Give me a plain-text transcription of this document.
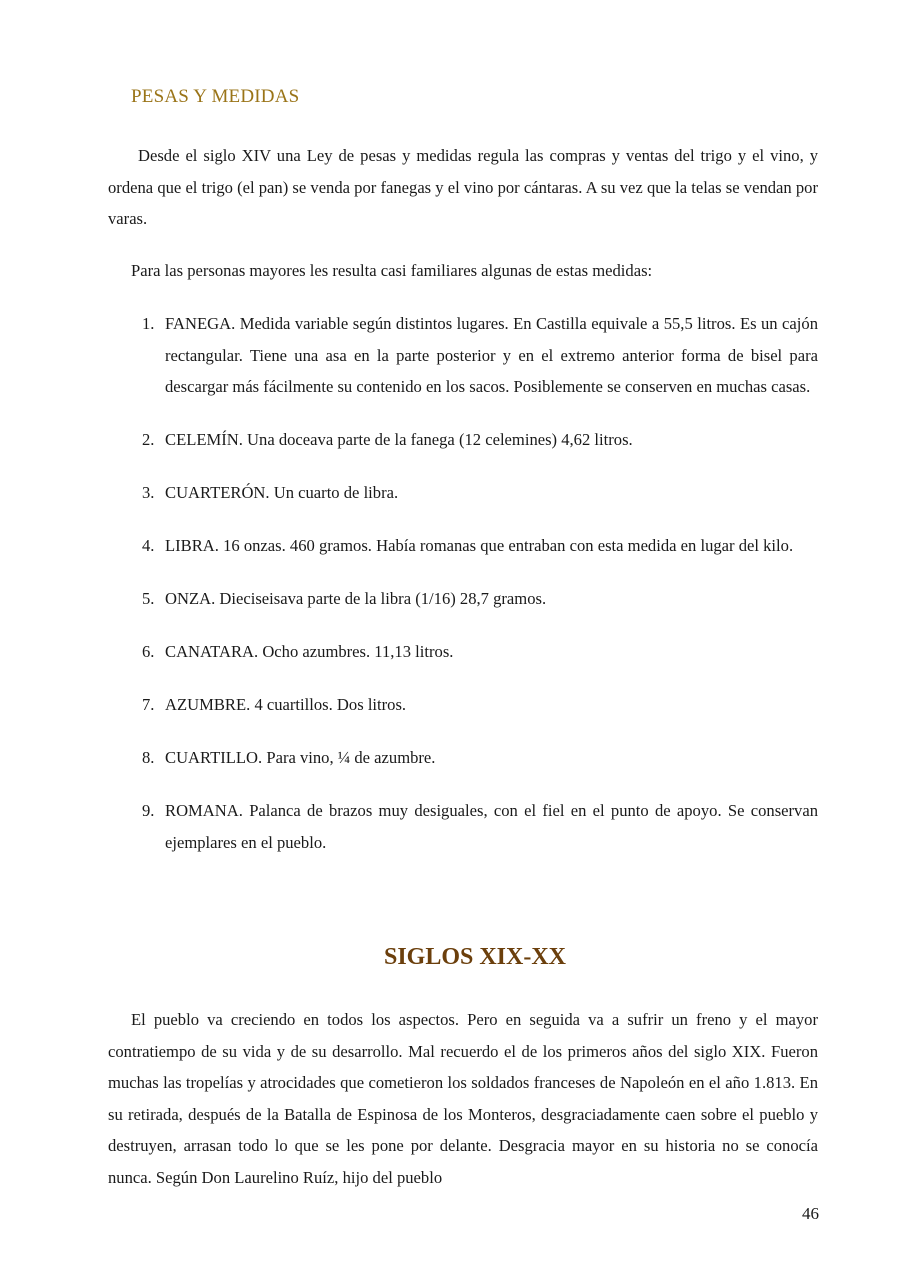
PESAS Y MEDIDAS

Desde el siglo XIV una Ley de pesas y medidas regula las compras y ventas del trigo y el vino, y ordena que el trigo (el pan) se venda por fanegas y el vino por cántaras. A su vez que la telas se vendan por varas.

Para las personas mayores les resulta casi familiares algunas de estas medidas:

1. FANEGA. Medida variable según distintos lugares. En Castilla equivale a 55,5 litros. Es un cajón rectangular. Tiene una asa en la parte posterior y en el extremo anterior forma de bisel para descargar más fácilmente su contenido en los sacos. Posiblemente se conserven en muchas casas.
2. CELEMÍN. Una doceava parte de la fanega (12 celemines) 4,62 litros.
3. CUARTERÓN. Un cuarto de libra.
4. LIBRA. 16 onzas. 460 gramos. Había romanas que entraban con esta medida en lugar del kilo.
5. ONZA. Dieciseisava parte de la libra (1/16) 28,7 gramos.
6. CANATARA. Ocho azumbres. 11,13 litros.
7. AZUMBRE. 4 cuartillos. Dos litros.
8. CUARTILLO. Para vino, ¼ de azumbre.
9. ROMANA. Palanca de brazos muy desiguales, con el fiel en el punto de apoyo. Se conservan ejemplares en el pueblo.
SIGLOS XIX-XX

El pueblo va creciendo en todos los aspectos. Pero en seguida va a sufrir un freno y el mayor contratiempo de su vida y de su desarrollo. Mal recuerdo el de los primeros años del siglo XIX. Fueron muchas las tropelías y atrocidades que cometieron los soldados franceses de Napoleón en el año 1.813. En su retirada, después de la Batalla de Espinosa de los Monteros, desgraciadamente caen sobre el pueblo y destruyen, arrasan todo lo que se les pone por delante. Desgracia mayor en su historia no se conocía nunca. Según Don Laurelino Ruíz, hijo del pueblo

46
